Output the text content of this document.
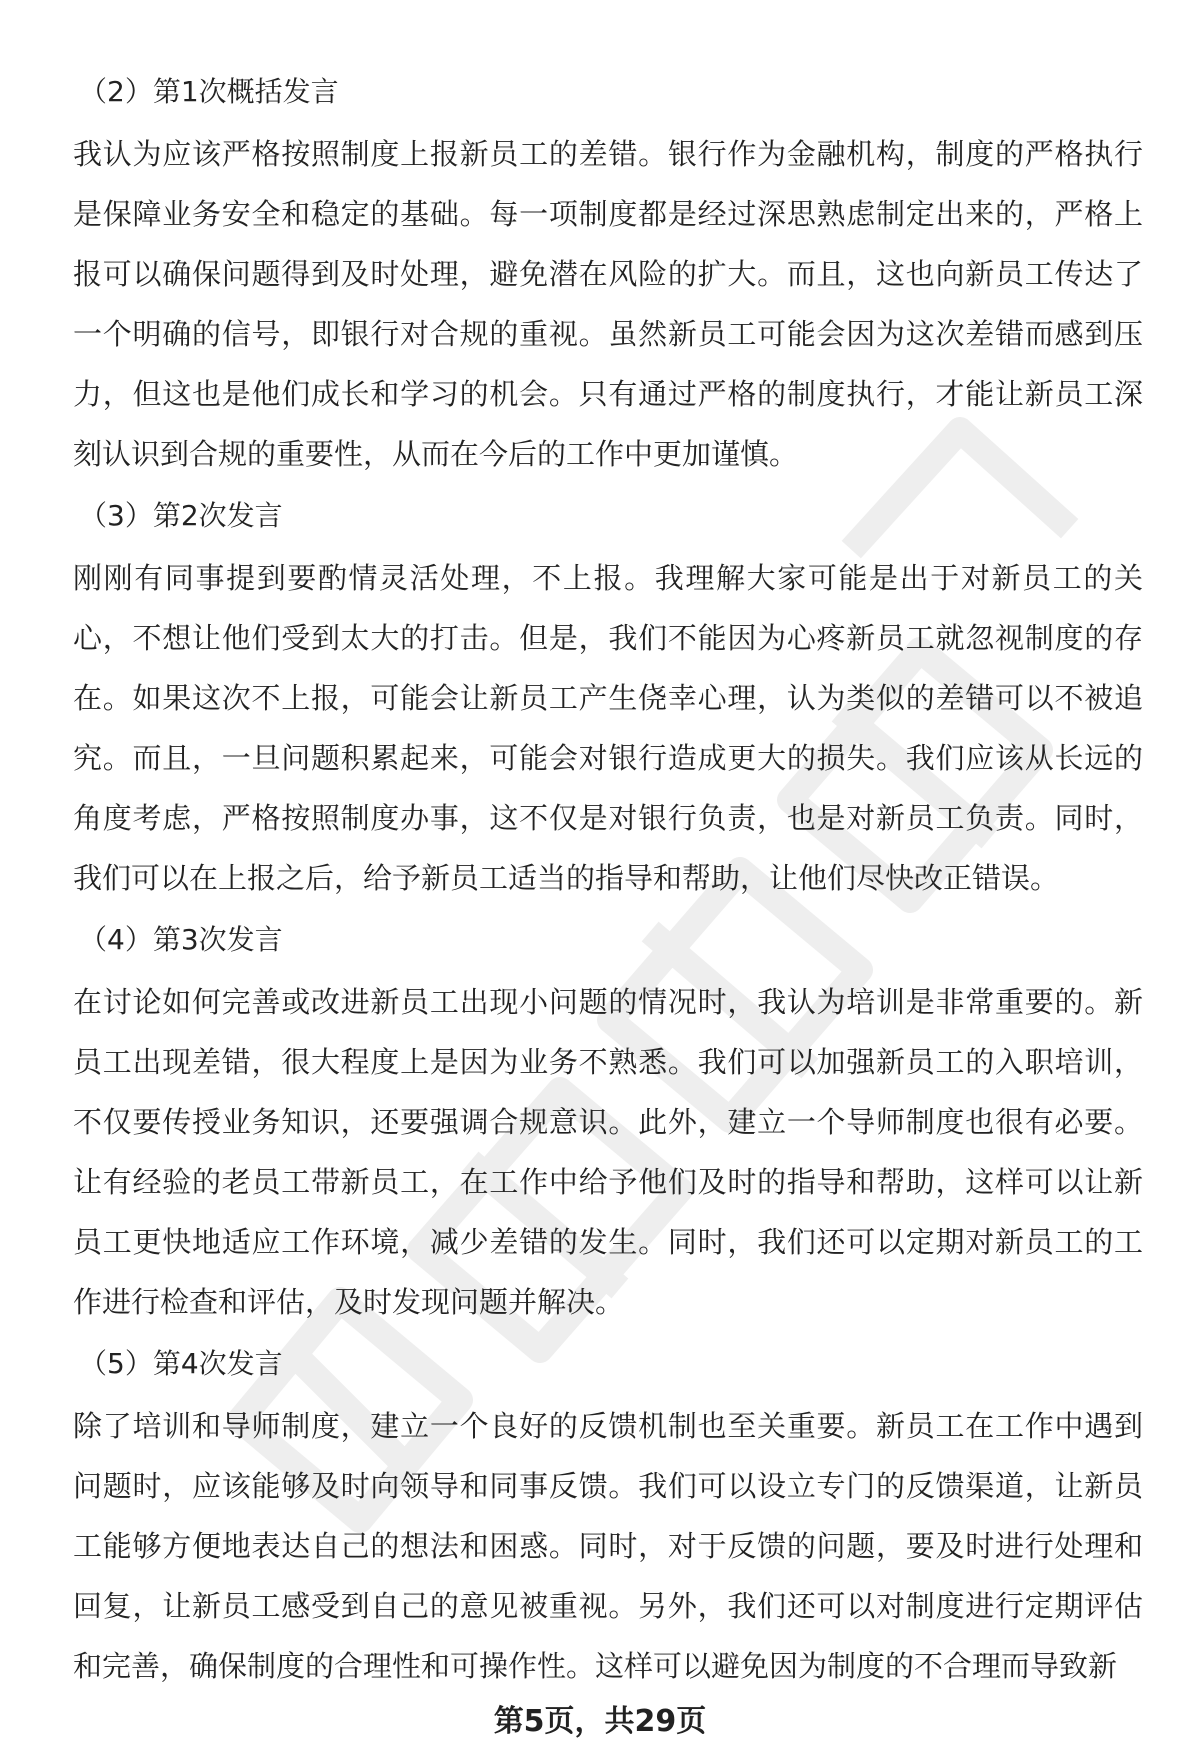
（2）第1次概括发言

我认为应该严格按照制度上报新员工的差错。银行作为金融机构，制度的严格执行是保障业务安全和稳定的基础。每一项制度都是经过深思熟虑制定出来的，严格上报可以确保问题得到及时处理，避免潜在风险的扩大。而且，这也向新员工传达了一个明确的信号，即银行对合规的重视。虽然新员工可能会因为这次差错而感到压力，但这也是他们成长和学习的机会。只有通过严格的制度执行，才能让新员工深刻认识到合规的重要性，从而在今后的工作中更加谨慎。

（3）第2次发言

刚刚有同事提到要酌情灵活处理，不上报。我理解大家可能是出于对新员工的关心，不想让他们受到太大的打击。但是，我们不能因为心疼新员工就忽视制度的存在。如果这次不上报，可能会让新员工产生侥幸心理，认为类似的差错可以不被追究。而且，一旦问题积累起来，可能会对银行造成更大的损失。我们应该从长远的角度考虑，严格按照制度办事，这不仅是对银行负责，也是对新员工负责。同时，我们可以在上报之后，给予新员工适当的指导和帮助，让他们尽快改正错误。

（4）第3次发言

在讨论如何完善或改进新员工出现小问题的情况时，我认为培训是非常重要的。新员工出现差错，很大程度上是因为业务不熟悉。我们可以加强新员工的入职培训，不仅要传授业务知识，还要强调合规意识。此外，建立一个导师制度也很有必要。让有经验的老员工带新员工，在工作中给予他们及时的指导和帮助，这样可以让新员工更快地适应工作环境，减少差错的发生。同时，我们还可以定期对新员工的工作进行检查和评估，及时发现问题并解决。

（5）第4次发言

除了培训和导师制度，建立一个良好的反馈机制也至关重要。新员工在工作中遇到问题时，应该能够及时向领导和同事反馈。我们可以设立专门的反馈渠道，让新员工能够方便地表达自己的想法和困惑。同时，对于反馈的问题，要及时进行处理和回复，让新员工感受到自己的意见被重视。另外，我们还可以对制度进行定期评估和完善，确保制度的合理性和可操作性。这样可以避免因为制度的不合理而导致新

第5页，共29页
